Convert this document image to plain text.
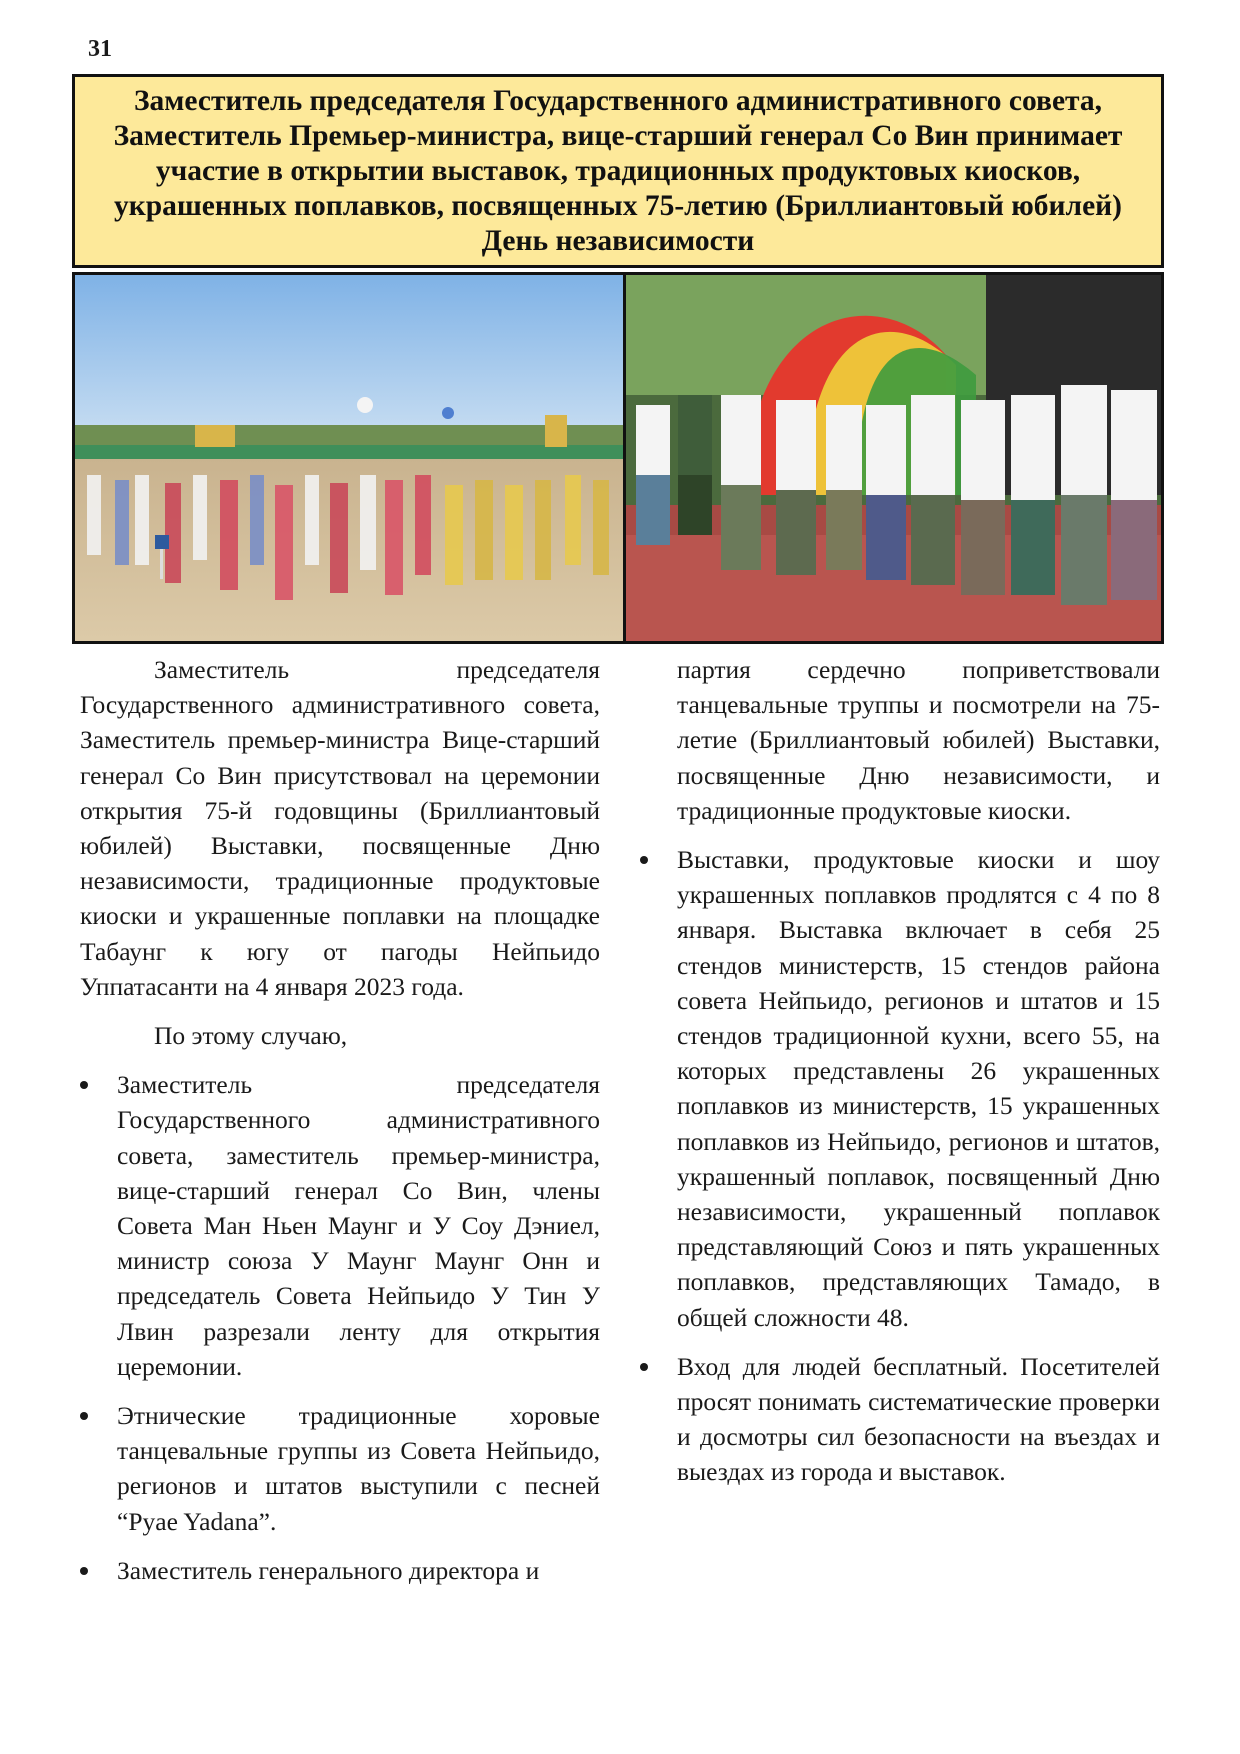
31
Заместитель председателя Государственного административного совета, Заместитель Премьер-министра, вице-старший генерал Со Вин принимает участие в открытии выставок, традиционных продуктовых киосков, украшенных поплавков, посвященных 75-летию (Бриллиантовый юбилей) День независимости

Заместитель председателя Государственного административного совета, Заместитель премьер-министра Вице-старший генерал Со Вин присутствовал на церемонии открытия 75-й годовщины (Бриллиантовый юбилей) Выставки, посвященные Дню независимости, традиционные продуктовые киоски и украшенные поплавки на площадке Табаунг к югу от пагоды Нейпьидо Уппатасанти на 4 января 2023 года.

По этому случаю,

Заместитель председателя Государственного административного совета, заместитель премьер-министра, вице-старший генерал Со Вин, члены Совета Ман Ньен Маунг и У Соу Дэниел, министр союза У Маунг Маунг Онн и председатель Совета Нейпьидо У Тин У Лвин разрезали ленту для открытия церемонии.
Этнические традиционные хоровые танцевальные группы из Совета Нейпьидо, регионов и штатов выступили с песней “Pyae Yadana”.
Заместитель генерального директора и

партия сердечно поприветствовали танцевальные труппы и посмотрели на 75-летие (Бриллиантовый юбилей) Выставки, посвященные Дню независимости, и традиционные продуктовые киоски.

Выставки, продуктовые киоски и шоу украшенных поплавков продлятся с 4 по 8 января. Выставка включает в себя 25 стендов министерств, 15 стендов района совета Нейпьидо, регионов и штатов и 15 стендов традиционной кухни, всего 55, на которых представлены 26 украшенных поплавков из министерств, 15 украшенных поплавков из Нейпьидо, регионов и штатов, украшенный поплавок, посвященный Дню независимости, украшенный поплавок представляющий Союз и пять украшенных поплавков, представляющих Тамадо, в общей сложности 48.
Вход для людей бесплатный. Посетителей просят понимать систематические проверки и досмотры сил безопасности на въездах и выездах из города и выставок.
